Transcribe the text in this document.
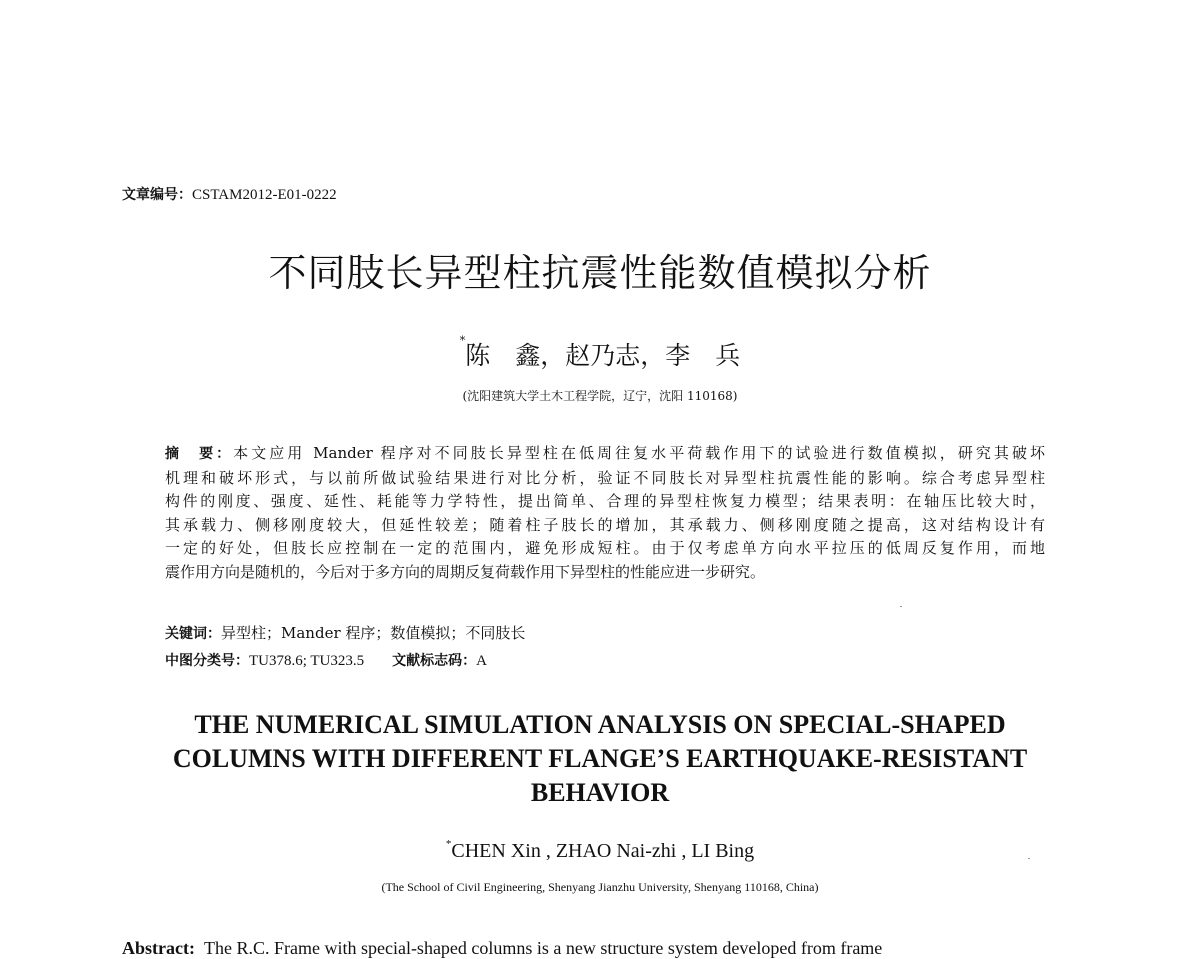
文章编号：CSTAM2012-E01-0222
不同肢长异型柱抗震性能数值模拟分析
*陈　鑫，赵乃志，李　兵
(沈阳建筑大学土木工程学院，辽宁，沈阳 110168)
摘　要：本文应用 Mander 程序对不同肢长异型柱在低周往复水平荷载作用下的试验进行数值模拟，研究其破坏
机理和破坏形式，与以前所做试验结果进行对比分析，验证不同肢长对异型柱抗震性能的影响。综合考虑异型柱
构件的刚度、强度、延性、耗能等力学特性，提出简单、合理的异型柱恢复力模型；结果表明：在轴压比较大时，
其承载力、侧移刚度较大，但延性较差；随着柱子肢长的增加，其承载力、侧移刚度随之提高，这对结构设计有
一定的好处，但肢长应控制在一定的范围内，避免形成短柱。由于仅考虑单方向水平拉压的低周反复作用，而地
震作用方向是随机的，今后对于多方向的周期反复荷载作用下异型柱的性能应进一步研究。
关键词：异型柱；Mander 程序；数值模拟；不同肢长
中图分类号：TU378.6; TU323.5 文献标志码：A
THE NUMERICAL SIMULATION ANALYSIS ON SPECIAL-SHAPED
COLUMNS WITH DIFFERENT FLANGE’S EARTHQUAKE-RESISTANT
BEHAVIOR
*CHEN Xin , ZHAO Nai-zhi , LI Bing
(The School of Civil Engineering, Shenyang Jianzhu University, Shenyang 110168, China)
Abstract: The R.C. Frame with special-shaped columns is a new structure system developed from frame
